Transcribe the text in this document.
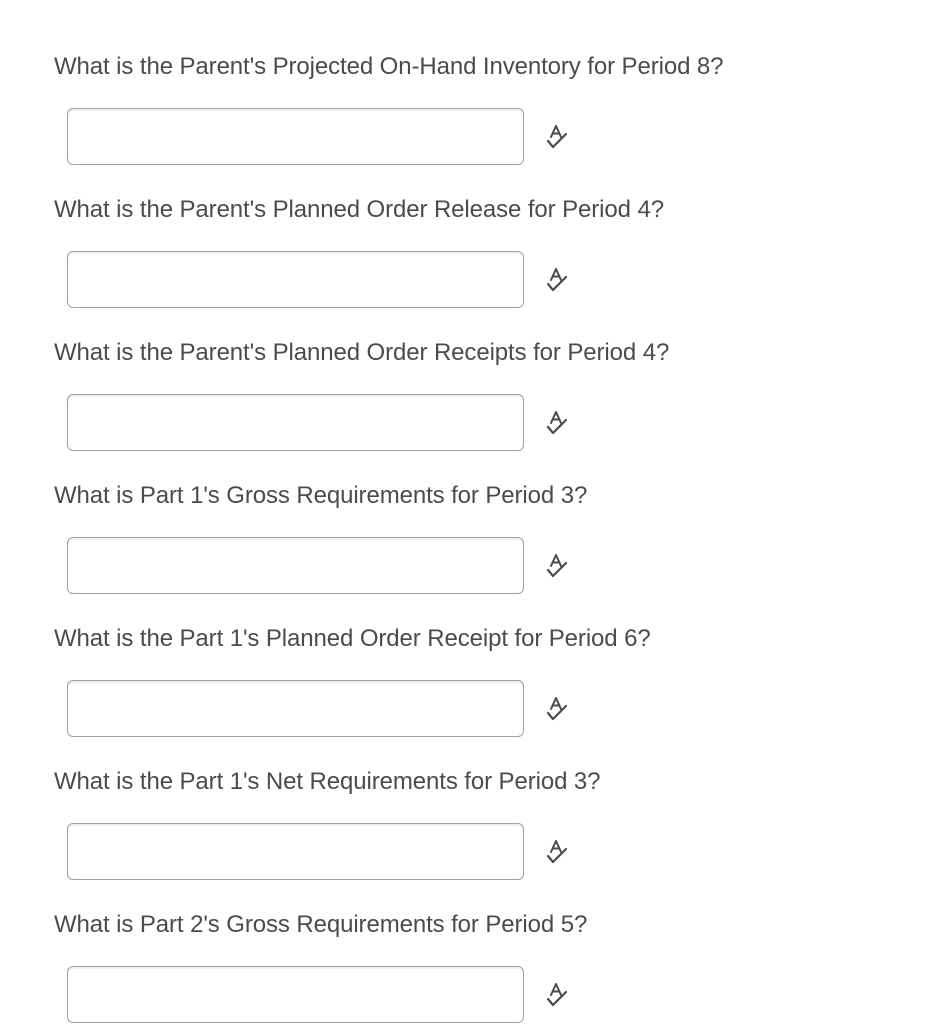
What is the Parent's Projected On-Hand Inventory for Period 8?
What is the Parent's Planned Order Release for Period 4?
What is the Parent's Planned Order Receipts for Period 4?
What is Part 1's Gross Requirements for Period 3?
What is the Part 1's Planned Order Receipt for Period 6?
What is the Part 1's Net Requirements for Period 3?
What is Part 2's Gross Requirements for Period 5?
